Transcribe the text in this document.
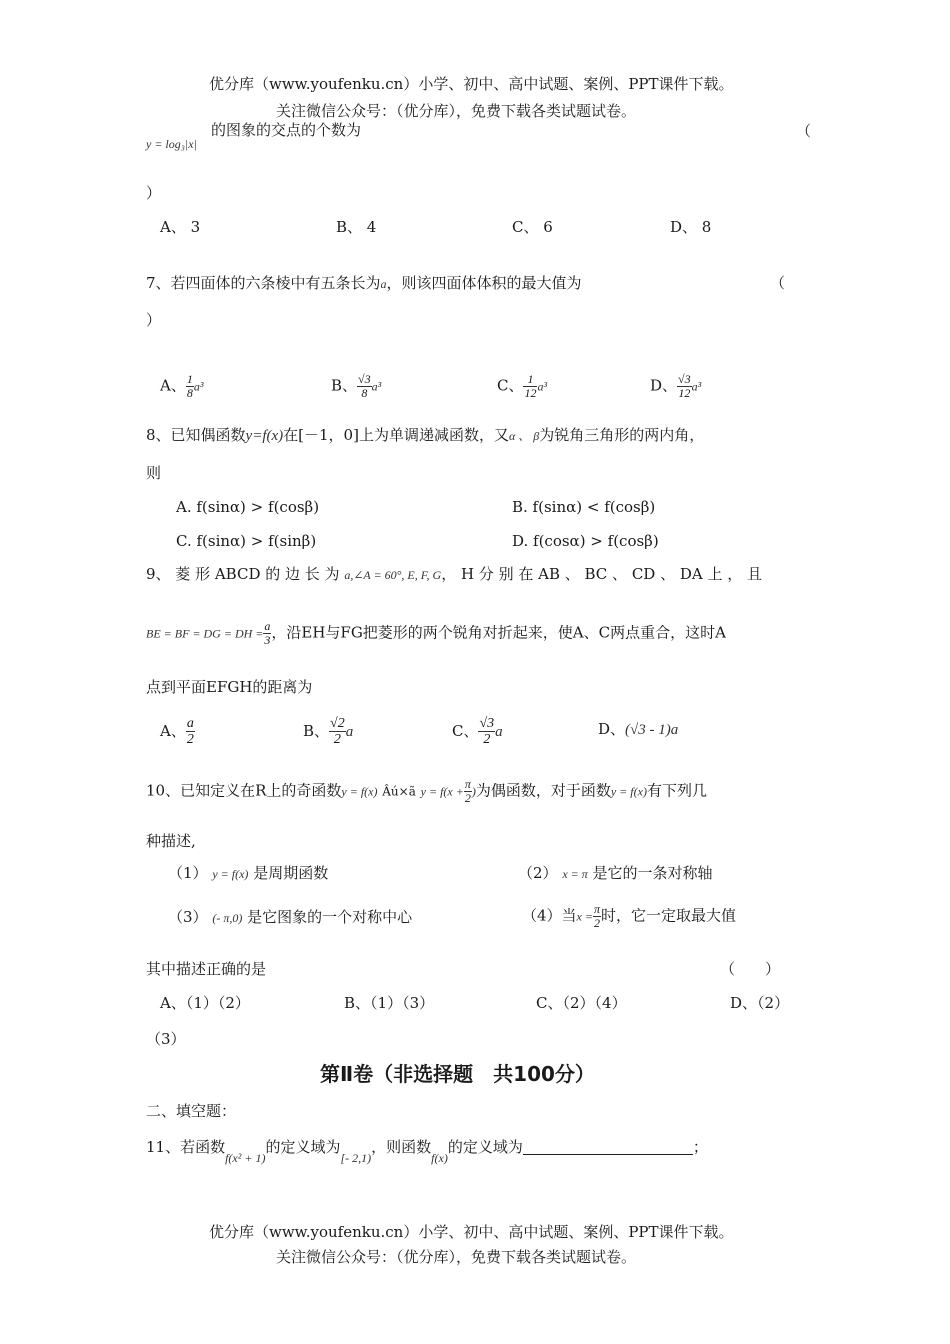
优分库（www.youfenku.cn）小学、初中、高中试题、案例、PPT课件下载。
关注微信公众号：（优分库），免费下载各类试题试卷。
y = log₃|x|
的图象的交点的个数为	（
）
A、 3	B、 4	C、 6	D、 8
7、若四面体的六条棱中有五条长为a，则该四面体体积的最大值为	（
）
A、 $\frac{1}{8} a^3$	B、 $\frac{√3}{8} a^3$	C、 $\frac{1}{12} a^3$	D、 $\frac{√3}{12} a^3$
8、已知偶函数y=f(x)在[－1，0]上为单调递减函数，又α 、 β为锐角三角形的两内角，
则
A. f(sinα) > f(cosβ)	B. f(sinα) < f(cosβ)
C. f(sinα) > f(sinβ)	D. f(cosα) > f(cosβ)
9、 菱 形 ABCD 的 边 长 为 a,∠A = 60°, E, F, G， H 分 别 在 AB 、 BC 、 CD 、 DA 上 ， 且
BE = BF = DG = DH = $\frac{a}{3}$ ，沿EH与FG把菱形的两个锐角对折起来，使A、C两点重合，这时A
点到平面EFGH的距离为
A、 $\frac{a}{2}$	B、 $\frac{√2}{2}$ a	C、 $\frac{√3}{2}$ a	D、(√3 - 1)a
10、已知定义在R上的奇函数y = f(x) Âú×ã $y = f(x + \frac{\pi}{2}$ )为偶函数，对于函数y = f(x)有下列几
种描述,
（1） y = f(x) 是周期函数	（2） x = π 是它的一条对称轴
（3） (- π,0) 是它图象的一个对称中心	（4）当$x = \frac{\pi}{2}$ 时，它一定取最大值
其中描述正确的是	（　　）
A、（1）（2）	B、（1）（3）	C、（2）（4）	D、（2）
（3）
第Ⅱ卷（非选择题　共100分）
二、填空题：
11、若函数$_{f(x^2 + 1)}$的定义域为$_{[- 2,1)}$，则函数$_{f(x)}$的定义域为	；
优分库（www.youfenku.cn）小学、初中、高中试题、案例、PPT课件下载。
关注微信公众号：（优分库），免费下载各类试题试卷。
